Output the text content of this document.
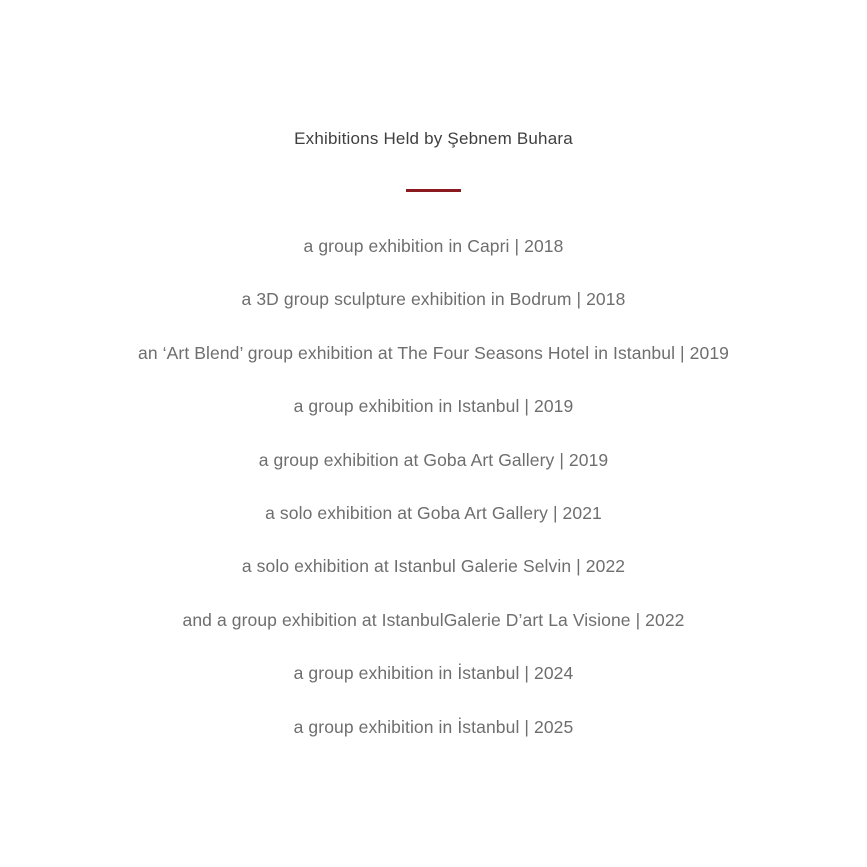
Exhibitions Held by Şebnem Buhara
a group exhibition in Capri | 2018
a 3D group sculpture exhibition in Bodrum | 2018
an ‘Art Blend’ group exhibition at The Four Seasons Hotel in Istanbul | 2019
a group exhibition in Istanbul | 2019
a group exhibition at Goba Art Gallery | 2019
a solo exhibition at Goba Art Gallery | 2021
a solo exhibition at Istanbul Galerie Selvin | 2022
and a group exhibition at IstanbulGalerie D’art La Visione | 2022
a group exhibition in İstanbul | 2024
a group exhibition in İstanbul | 2025
